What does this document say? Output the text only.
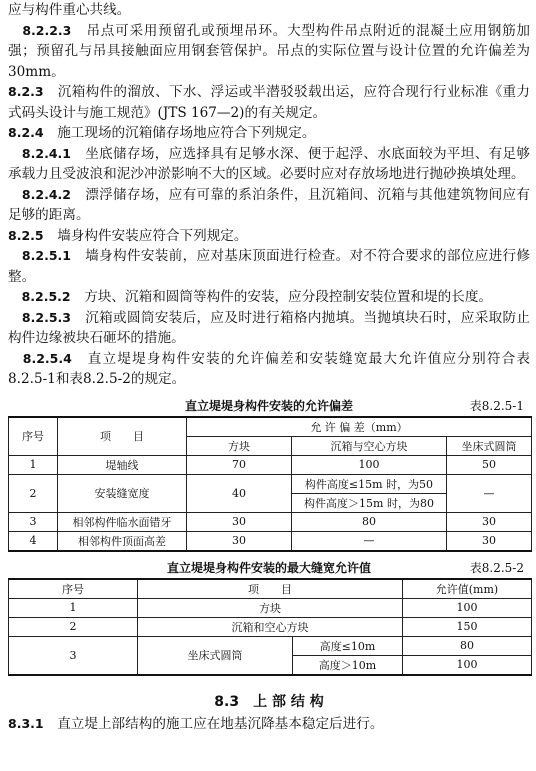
应与构件重心共线。

　8.2.2.3　 吊点可采用预留孔或预埋吊环。大型构件吊点附近的混凝土应用钢筋加强；预留孔与吊具接触面应用钢套管保护。吊点的实际位置与设计位置的允许偏差为30mm。

8.2.3　 沉箱构件的溜放、下水、浮运或半潜驳驳载出运，应符合现行行业标准《重力式码头设计与施工规范》(JTS 167—2)的有关规定。

8.2.4　 施工现场的沉箱储存场地应符合下列规定。

　8.2.4.1　 坐底储存场，应选择具有足够水深、便于起浮、水底面较为平坦、有足够承载力且受波浪和泥沙冲淤影响不大的区域。必要时应对存放场地进行抛砂换填处理。

　8.2.4.2　 漂浮储存场，应有可靠的系泊条件，且沉箱间、沉箱与其他建筑物间应有足够的距离。

8.2.5　 墙身构件安装应符合下列规定。

　8.2.5.1　 墙身构件安装前，应对基床顶面进行检查。对不符合要求的部位应进行修整。

　8.2.5.2　 方块、沉箱和圆筒等构件的安装，应分段控制安装位置和堤的长度。

　8.2.5.3　 沉箱或圆筒安装后，应及时进行箱格内抛填。当抛填块石时，应采取防止构件边缘被块石砸坏的措施。

　8.2.5.4　 直立堤堤身构件安装的允许偏差和安装缝宽最大允许值应分别符合表8.2.5-1和表8.2.5-2的规定。

直立堤堤身构件安装的允许偏差	表8.2.5-1
序号	项　　目	允 许 偏 差（mm）		
		方块	沉箱与空心方块	坐床式圆筒
1	堤轴线	70	100	50
2	安装缝宽度	40	构件高度≤15m 时，为50	—
			构件高度＞15m 时，为80	
3	相邻构件临水面错牙	30	80	30
4	相邻构件顶面高差	30	—	30
直立堤堤身构件安装的最大缝宽允许值	表8.2.5-2
序号	项　　目		允许值(mm)
1	方块		100
2	沉箱和空心方块		150
3	坐床式圆筒	高度≤10m	80
		高度＞10m	100
8.3　上 部 结 构

8.3.1　 直立堤上部结构的施工应在地基沉降基本稳定后进行。
